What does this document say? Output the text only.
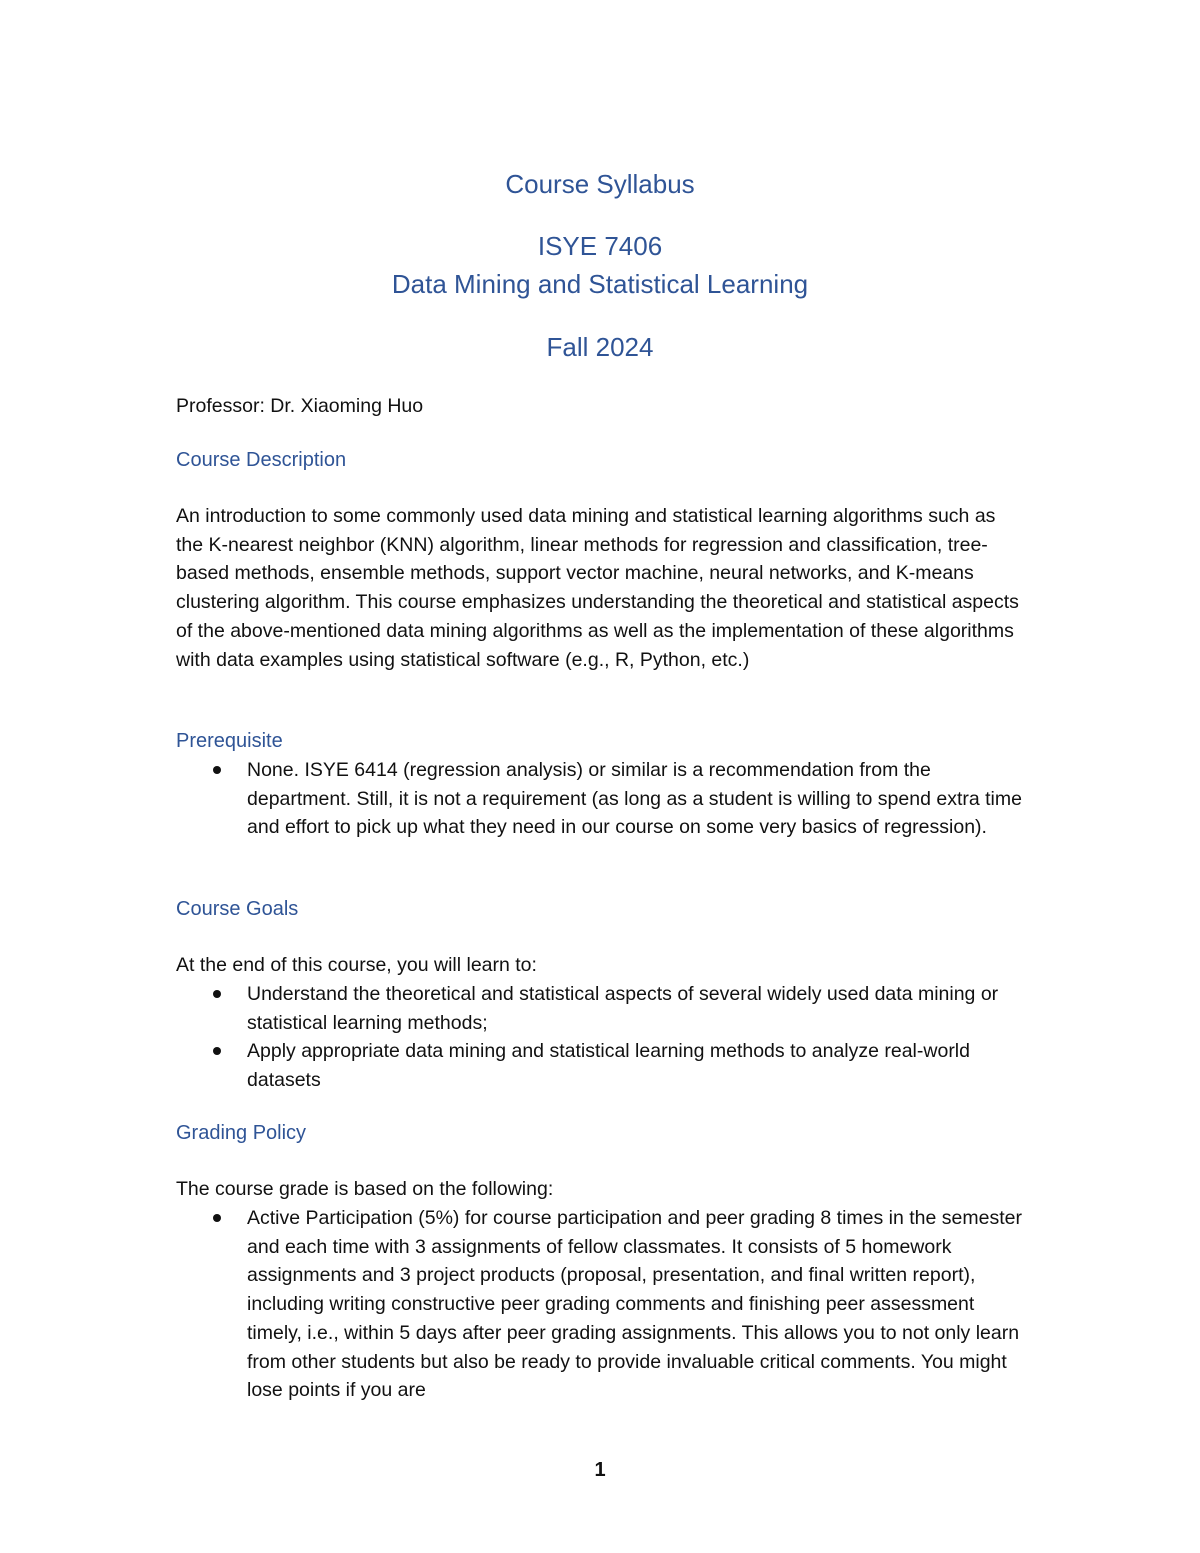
Course Syllabus
ISYE 7406
Data Mining and Statistical Learning
Fall 2024
Professor: Dr. Xiaoming Huo
Course Description
An introduction to some commonly used data mining and statistical learning algorithms such as the K-nearest neighbor (KNN) algorithm, linear methods for regression and classification, tree-based methods, ensemble methods, support vector machine, neural networks, and K-means clustering algorithm. This course emphasizes understanding the theoretical and statistical aspects of the above-mentioned data mining algorithms as well as the implementation of these algorithms with data examples using statistical software (e.g., R, Python, etc.)
Prerequisite
None. ISYE 6414 (regression analysis) or similar is a recommendation from the department. Still, it is not a requirement (as long as a student is willing to spend extra time and effort to pick up what they need in our course on some very basics of regression).
Course Goals
At the end of this course, you will learn to:
Understand the theoretical and statistical aspects of several widely used data mining or statistical learning methods;
Apply appropriate data mining and statistical learning methods to analyze real-world datasets
Grading Policy
The course grade is based on the following:
Active Participation (5%) for course participation and peer grading 8 times in the semester and each time with 3 assignments of fellow classmates. It consists of 5 homework assignments and 3 project products (proposal, presentation, and final written report), including writing constructive peer grading comments and finishing peer assessment timely, i.e., within 5 days after peer grading assignments. This allows you to not only learn from other students but also be ready to provide invaluable critical comments. You might lose points if you are
1
